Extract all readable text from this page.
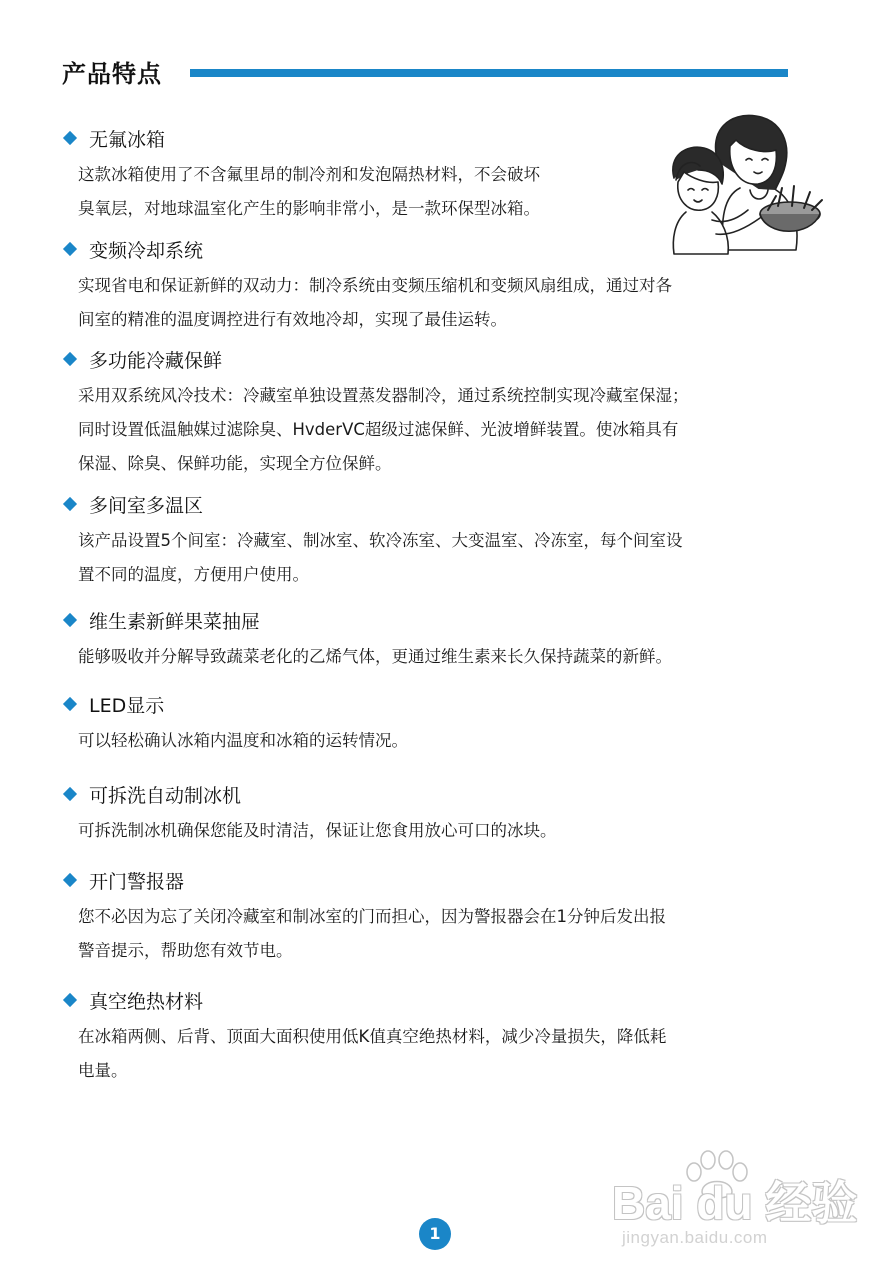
产品特点
无氟冰箱
这款冰箱使用了不含氟里昂的制冷剂和发泡隔热材料，不会破坏
臭氧层，对地球温室化产生的影响非常小，是一款环保型冰箱。
变频冷却系统
实现省电和保证新鲜的双动力：制冷系统由变频压缩机和变频风扇组成，通过对各
间室的精准的温度调控进行有效地冷却，实现了最佳运转。
多功能冷藏保鲜
采用双系统风冷技术：冷藏室单独设置蒸发器制冷，通过系统控制实现冷藏室保湿；
同时设置低温触媒过滤除臭、HvderVC超级过滤保鲜、光波增鲜装置。使冰箱具有
保湿、除臭、保鲜功能，实现全方位保鲜。
多间室多温区
该产品设置5个间室：冷藏室、制冰室、软冷冻室、大变温室、冷冻室，每个间室设
置不同的温度，方便用户使用。
维生素新鲜果菜抽屉
能够吸收并分解导致蔬菜老化的乙烯气体，更通过维生素来长久保持蔬菜的新鲜。
LED显示
可以轻松确认冰箱内温度和冰箱的运转情况。
可拆洗自动制冰机
可拆洗制冰机确保您能及时清洁，保证让您食用放心可口的冰块。
开门警报器
您不必因为忘了关闭冷藏室和制冰室的门而担心，因为警报器会在1分钟后发出报
警音提示，帮助您有效节电。
真空绝热材料
在冰箱两侧、后背、顶面大面积使用低K值真空绝热材料，减少冷量损失，降低耗
电量。
Bai du 经验
jingyan.baidu.com
1
